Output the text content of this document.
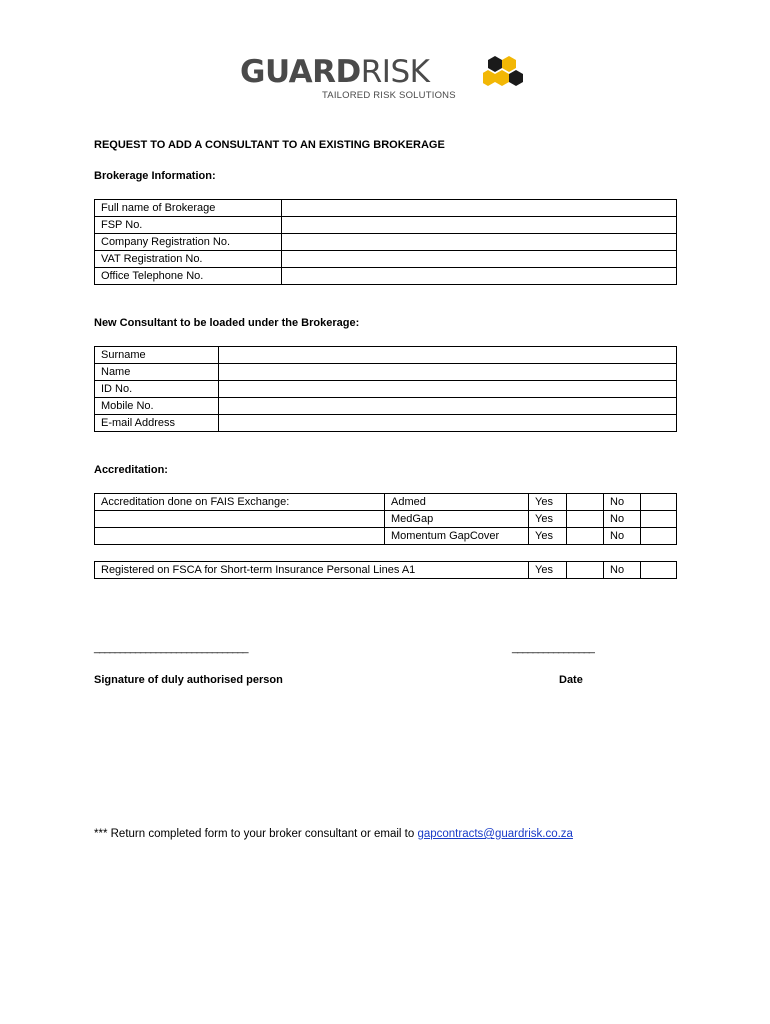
GUARDRISK
TAILORED RISK SOLUTIONS
REQUEST TO ADD A CONSULTANT TO AN EXISTING BROKERAGE
Brokerage Information:
Full name of Brokerage	
FSP No.	
Company Registration No.	
VAT Registration No.	
Office Telephone No.	
New Consultant to be loaded under the Brokerage:
Surname	
Name	
ID No.	
Mobile No.	
E-mail Address	
Accreditation:
Accreditation done on FAIS Exchange:	Admed	Yes		No	
	MedGap	Yes		No	
	Momentum GapCover	Yes		No	
Registered on FSCA for Short-term Insurance Personal Lines A1	Yes		No	
______________________________	________________
Signature of duly authorised person	Date
*** Return completed form to your broker consultant or email to gapcontracts@guardrisk.co.za
